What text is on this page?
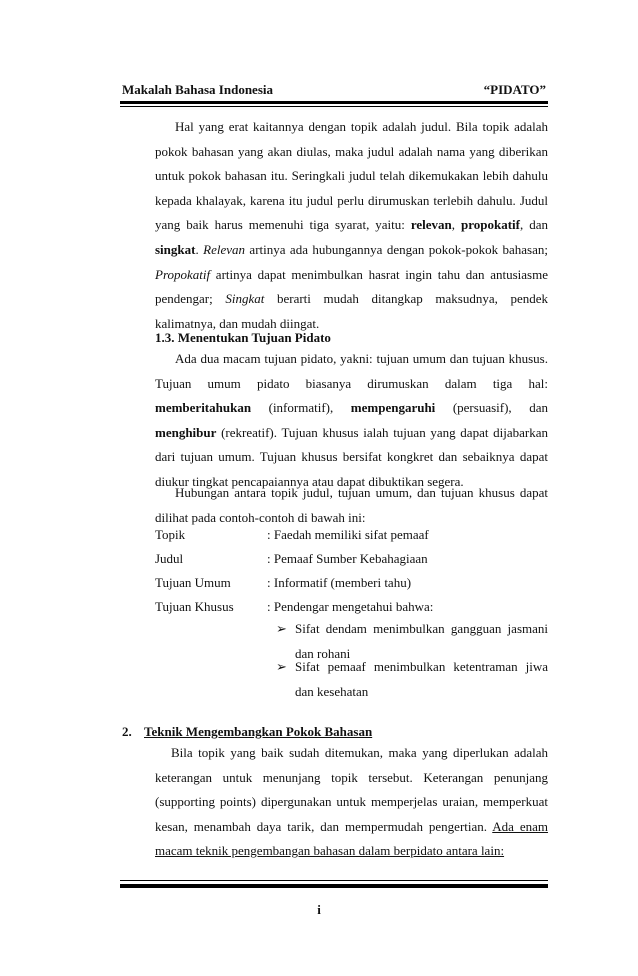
Makalah Bahasa Indonesia	“PIDATO”

Hal yang erat kaitannya dengan topik adalah judul. Bila topik adalah pokok bahasan yang akan diulas, maka judul adalah nama yang diberikan untuk pokok bahasan itu. Seringkali judul telah dikemukakan lebih dahulu kepada khalayak, karena itu judul perlu dirumuskan terlebih dahulu. Judul yang baik harus memenuhi tiga syarat, yaitu: relevan, propokatif, dan singkat. Relevan artinya ada hubungannya dengan pokok-pokok bahasan; Propokatif artinya dapat menimbulkan hasrat ingin tahu dan antusiasme pendengar; Singkat berarti mudah ditangkap maksudnya, pendek kalimatnya, dan mudah diingat.

1.3. Menentukan Tujuan Pidato

Ada dua macam tujuan pidato, yakni: tujuan umum dan tujuan khusus. Tujuan umum pidato biasanya dirumuskan dalam tiga hal: memberitahukan (informatif), mempengaruhi (persuasif), dan menghibur (rekreatif). Tujuan khusus ialah tujuan yang dapat dijabarkan dari tujuan umum. Tujuan khusus bersifat kongkret dan sebaiknya dapat diukur tingkat pencapaiannya atau dapat dibuktikan segera.

Hubungan antara topik judul, tujuan umum, dan tujuan khusus dapat dilihat pada contoh-contoh di bawah ini:

Topik	: Faedah memiliki sifat pemaaf
Judul	: Pemaaf Sumber Kebahagiaan
Tujuan Umum	: Informatif (memberi tahu)
Tujuan Khusus	: Pendengar mengetahui bahwa:
➢ Sifat dendam menimbulkan gangguan jasmani dan rohani
➢ Sifat pemaaf menimbulkan ketentraman jiwa dan kesehatan
2. Teknik Mengembangkan Pokok Bahasan

Bila topik yang baik sudah ditemukan, maka yang diperlukan adalah keterangan untuk menunjang topik tersebut. Keterangan penunjang (supporting points) dipergunakan untuk memperjelas uraian, memperkuat kesan, menambah daya tarik, dan mempermudah pengertian. Ada enam macam teknik pengembangan bahasan dalam berpidato antara lain:

i
